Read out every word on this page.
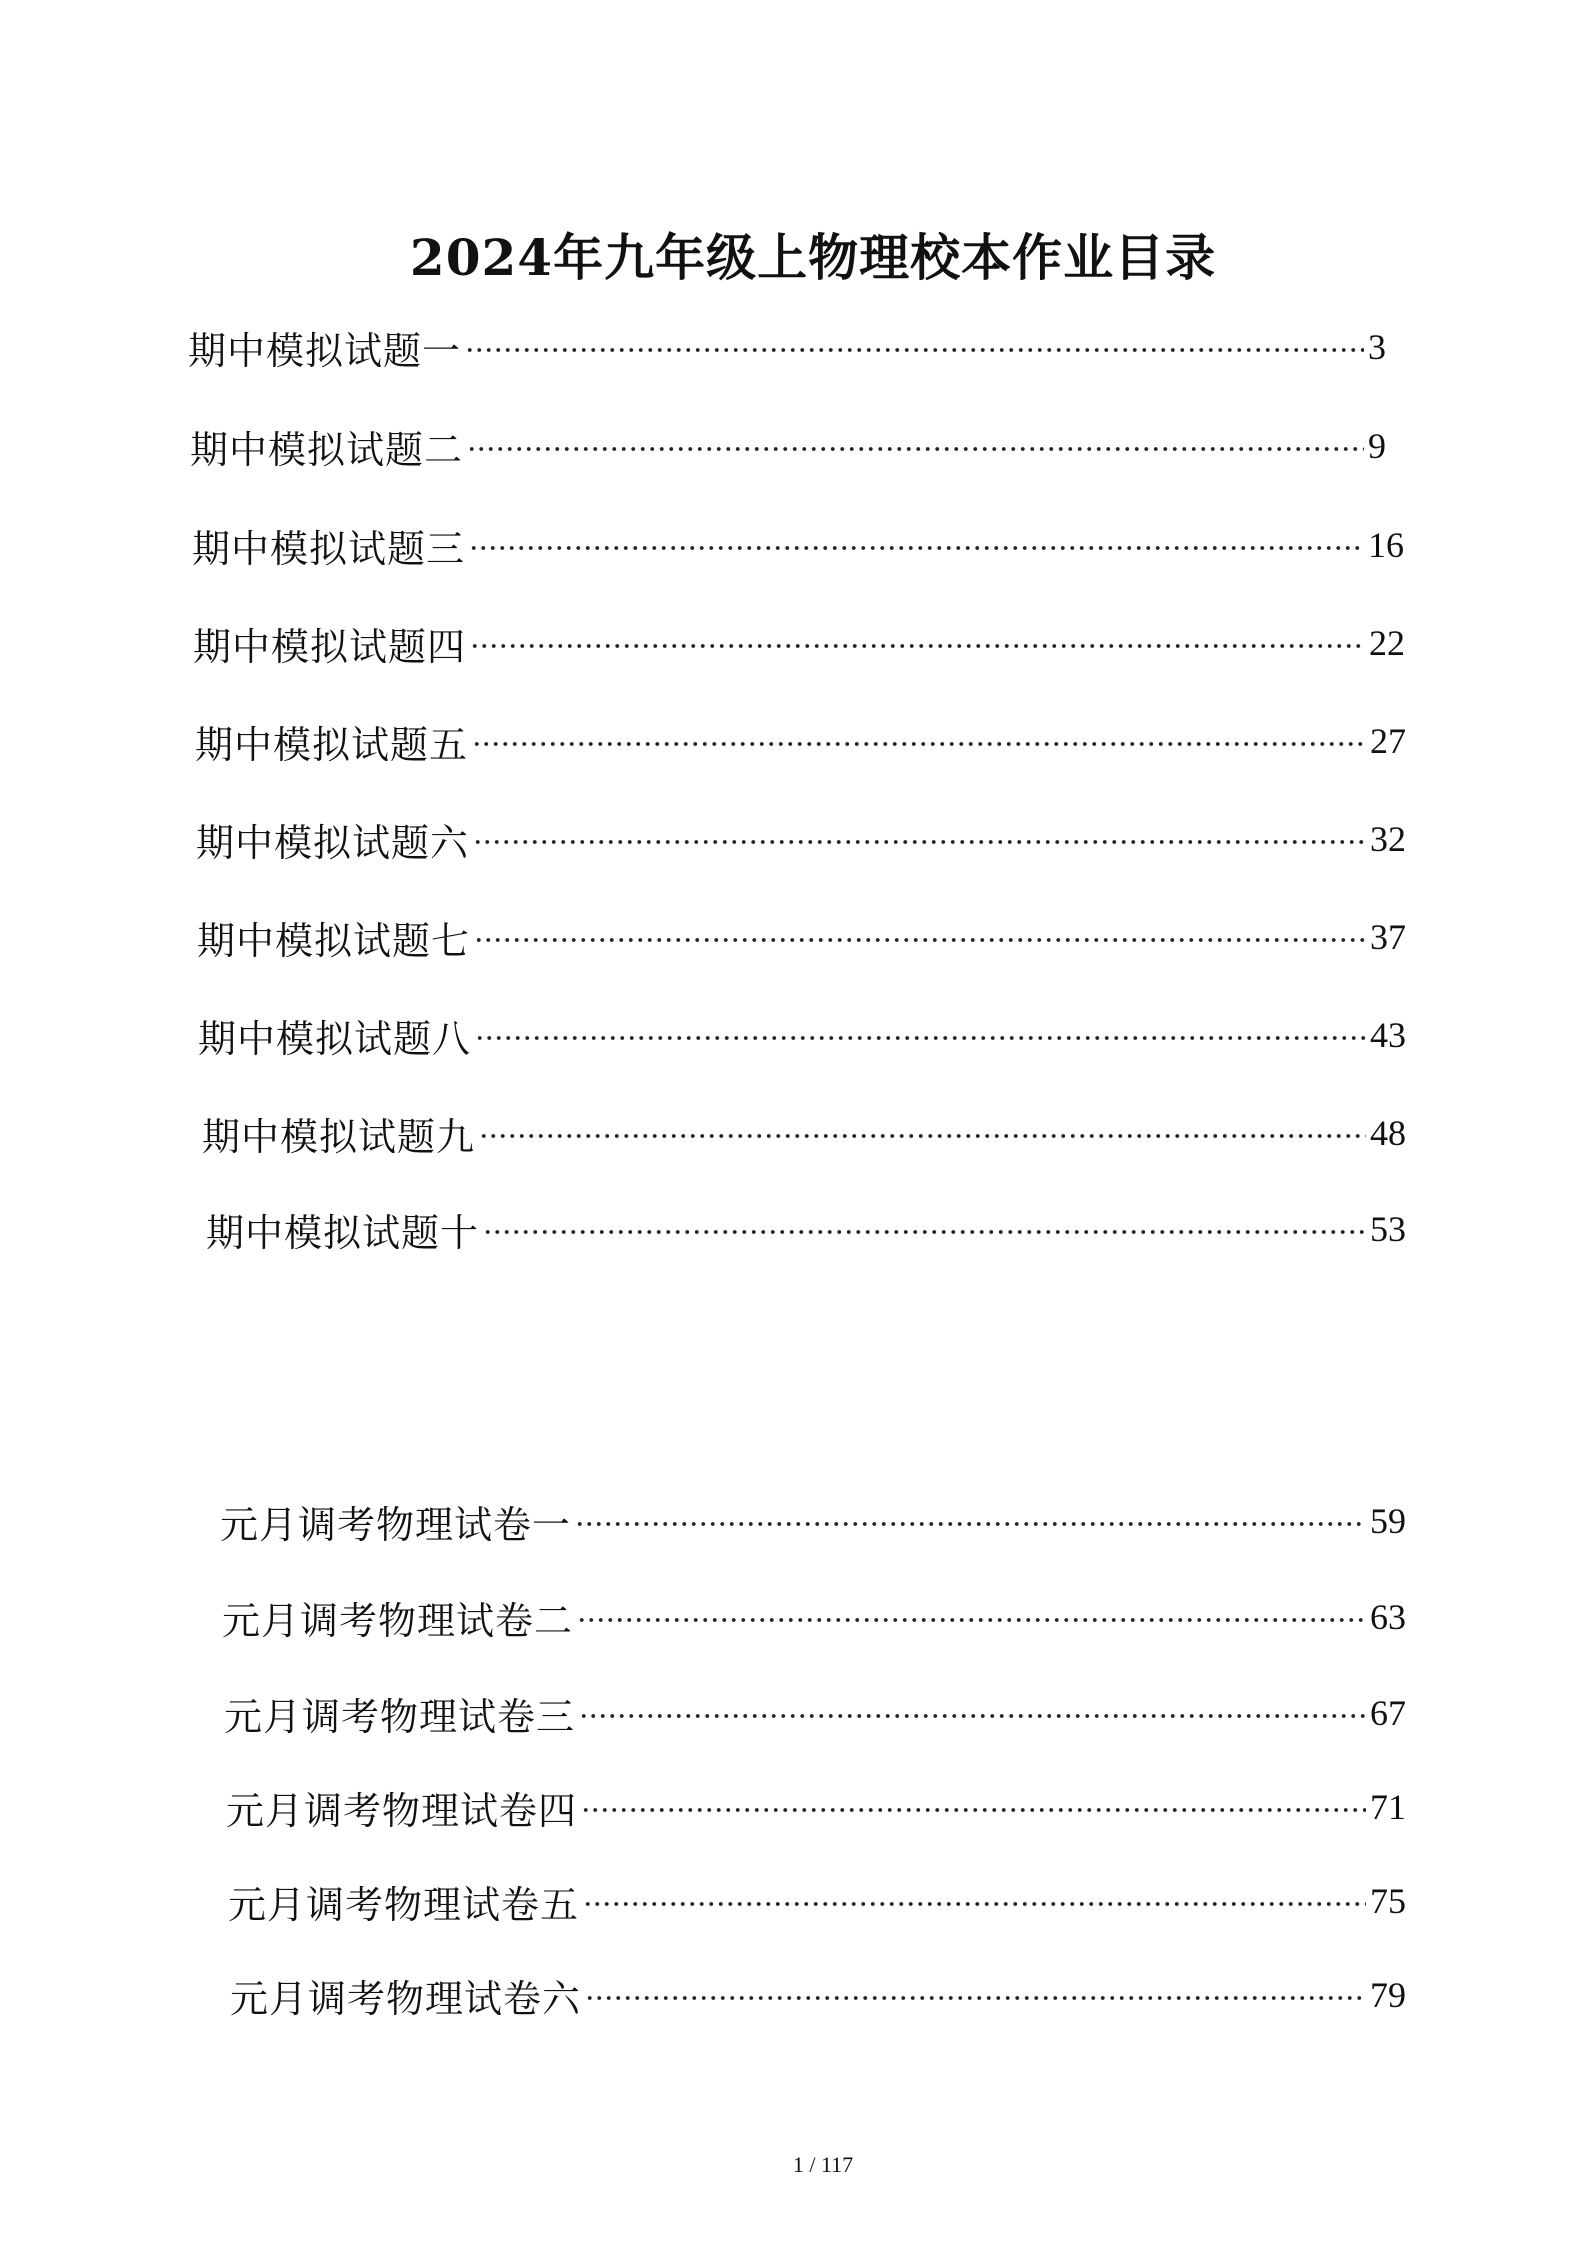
2024年九年级上物理校本作业目录
期中模拟试题一	3
期中模拟试题二	9
期中模拟试题三	16
期中模拟试题四	22
期中模拟试题五	27
期中模拟试题六	32
期中模拟试题七	37
期中模拟试题八	43
期中模拟试题九	48
期中模拟试题十	53
元月调考物理试卷一	59
元月调考物理试卷二	63
元月调考物理试卷三	67
元月调考物理试卷四	71
元月调考物理试卷五	75
元月调考物理试卷六	79
1 / 117
